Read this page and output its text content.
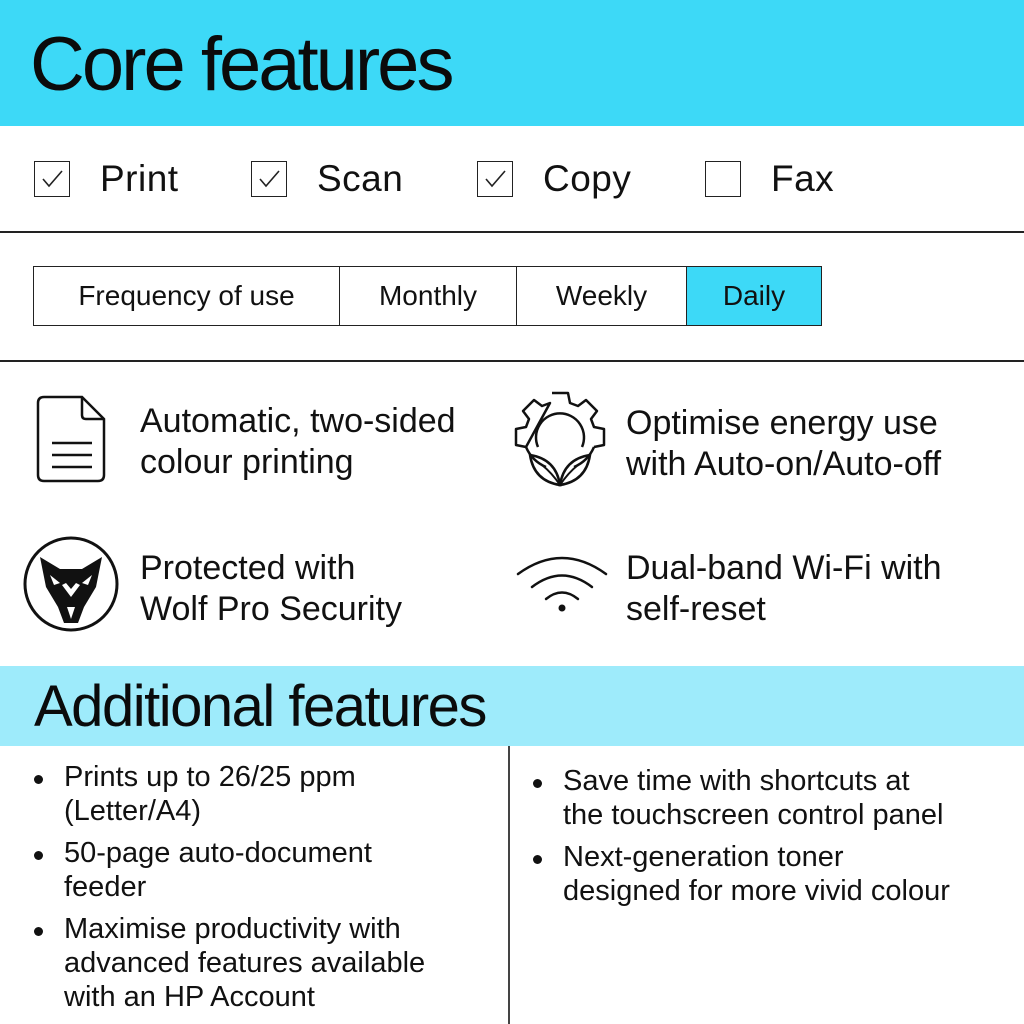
Core features
Print	Scan	Copy	Fax
Frequency of use	Monthly	Weekly	Daily
Automatic, two-sided
colour printing
Optimise energy use
with Auto-on/Auto-off
Protected with
Wolf Pro Security
Dual-band Wi-Fi with
self-reset
Additional features
Prints up to 26/25 ppm
(Letter/A4)
50-page auto-document
feeder
Maximise productivity with
advanced features available
with an HP Account
Save time with shortcuts at
the touchscreen control panel
Next-generation toner
designed for more vivid colour
